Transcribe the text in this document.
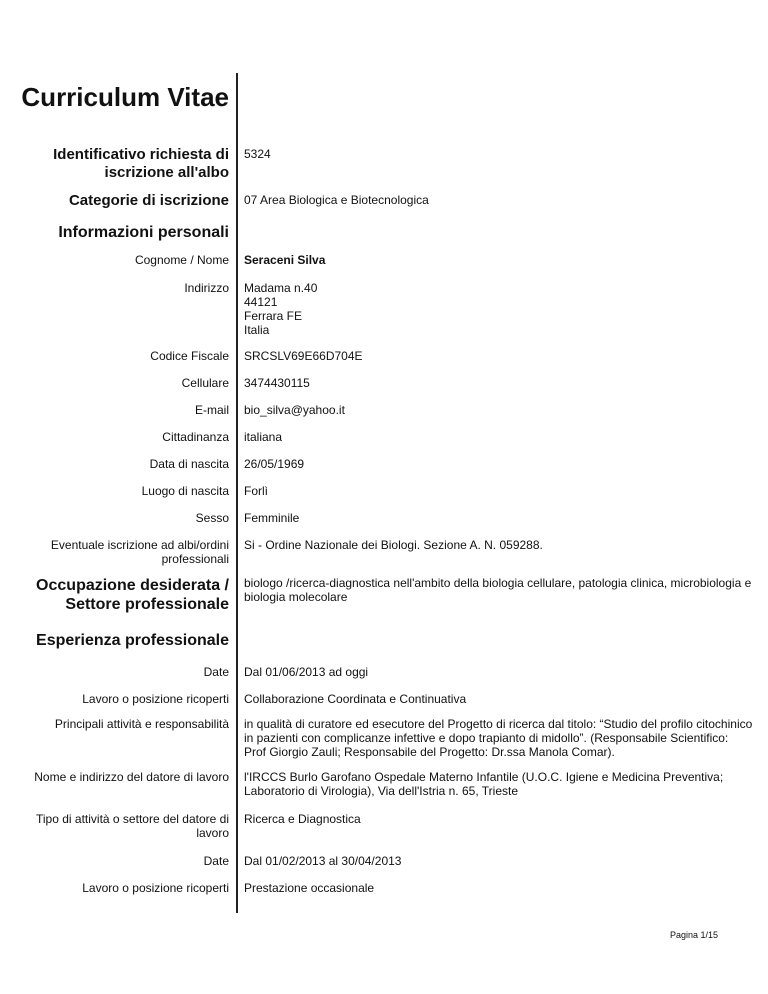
Curriculum Vitae
Identificativo richiesta di
iscrizione all'albo
5324
Categorie di iscrizione 07 Area Biologica e Biotecnologica
Informazioni personali
Cognome / Nome Seraceni Silva
Indirizzo Madama n.40
44121
Ferrara FE
Italia
Codice Fiscale SRCSLV69E66D704E
Cellulare 3474430115
E-mail bio_silva@yahoo.it
Cittadinanza italiana
Data di nascita 26/05/1969
Luogo di nascita Forlì
Sesso Femminile
Eventuale iscrizione ad albi/ordini
professionali
Si - Ordine Nazionale dei Biologi. Sezione A. N. 059288.
Occupazione desiderata /
Settore professionale
biologo /ricerca-diagnostica nell'ambito della biologia cellulare, patologia clinica, microbiologia e
biologia molecolare
Esperienza professionale
Date Dal 01/06/2013 ad oggi
Lavoro o posizione ricoperti Collaborazione Coordinata e Continuativa
Principali attività e responsabilità in qualità di curatore ed esecutore del Progetto di ricerca dal titolo: “Studio del profilo citochinico
in pazienti con complicanze infettive e dopo trapianto di midollo”. (Responsabile Scientifico:
Prof Giorgio Zauli; Responsabile del Progetto: Dr.ssa Manola Comar).
Nome e indirizzo del datore di lavoro l'IRCCS Burlo Garofano Ospedale Materno Infantile (U.O.C. Igiene e Medicina Preventiva;
Laboratorio di Virologia), Via dell'Istria n. 65, Trieste
Tipo di attività o settore del datore di
lavoro
Ricerca e Diagnostica
Date Dal 01/02/2013 al 30/04/2013
Lavoro o posizione ricoperti Prestazione occasionale
Pagina 1/15
